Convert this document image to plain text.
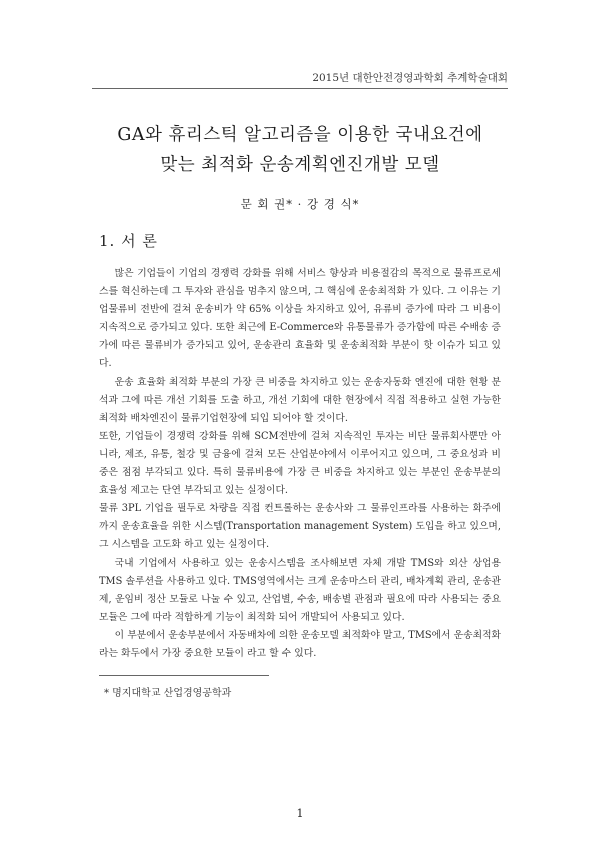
2015년 대한안전경영과학회 추계학술대회
GA와 휴리스틱 알고리즘을 이용한 국내요건에
맞는 최적화 운송계획엔진개발 모델
문 회 권* · 강 경 식*
1. 서 론

많은 기업들이 기업의 경쟁력 강화를 위해 서비스 향상과 비용절감의 목적으로 물류프로세스를 혁신하는데 그 투자와 관심을 멈추지 않으며, 그 핵심에 운송최적화 가 있다. 그 이유는 기업물류비 전반에 걸쳐 운송비가 약 65% 이상을 차지하고 있어, 유류비 증가에 따라 그 비용이 지속적으로 증가되고 있다. 또한 최근에 E-Commerce와 유통물류가 증가함에 따른 수배송 증가에 따른 물류비가 증가되고 있어, 운송관리 효율화 및 운송최적화 부분이 핫 이슈가 되고 있다.

운송 효율화 최적화 부분의 가장 큰 비중을 차지하고 있는 운송자동화 엔진에 대한 현황 분석과 그에 따른 개선 기회를 도출 하고, 개선 기회에 대한 현장에서 직접 적용하고 실현 가능한 최적화 배차엔진이 물류기업현장에 되입 되어야 할 것이다.

또한, 기업들이 경쟁력 강화를 위해 SCM전반에 걸쳐 지속적인 투자는 비단 물류회사뿐만 아니라, 제조, 유통, 철강 및 금융에 걸쳐 모든 산업분야에서 이루어지고 있으며, 그 중요성과 비중은 점점 부각되고 있다. 특히 물류비용에 가장 큰 비중을 차지하고 있는 부분인 운송부분의 효율성 제고는 단연 부각되고 있는 실정이다.

물류 3PL 기업을 필두로 차량을 직접 컨트롤하는 운송사와 그 물류인프라를 사용하는 화주에 까지 운송효율을 위한 시스템(Transportation management System) 도입을 하고 있으며, 그 시스템을 고도화 하고 있는 실정이다.

국내 기업에서 사용하고 있는 운송시스템을 조사해보면 자체 개발 TMS와 외산 상업용 TMS 솔루션을 사용하고 있다. TMS영역에서는 크게 운송마스터 관리, 배차계획 관리, 운송관제, 운임비 정산 모듈로 나눌 수 있고, 산업별, 수송, 배송별 관점과 필요에 따라 사용되는 중요 모듈은 그에 따라 적합하게 기능이 최적화 되어 개발되어 사용되고 있다.

이 부분에서 운송부분에서 자동배차에 의한 운송모델 최적화야 말고, TMS에서 운송최적화라는 화두에서 가장 중요한 모듈이 라고 할 수 있다.

* 명지대학교 산업경영공학과
1
